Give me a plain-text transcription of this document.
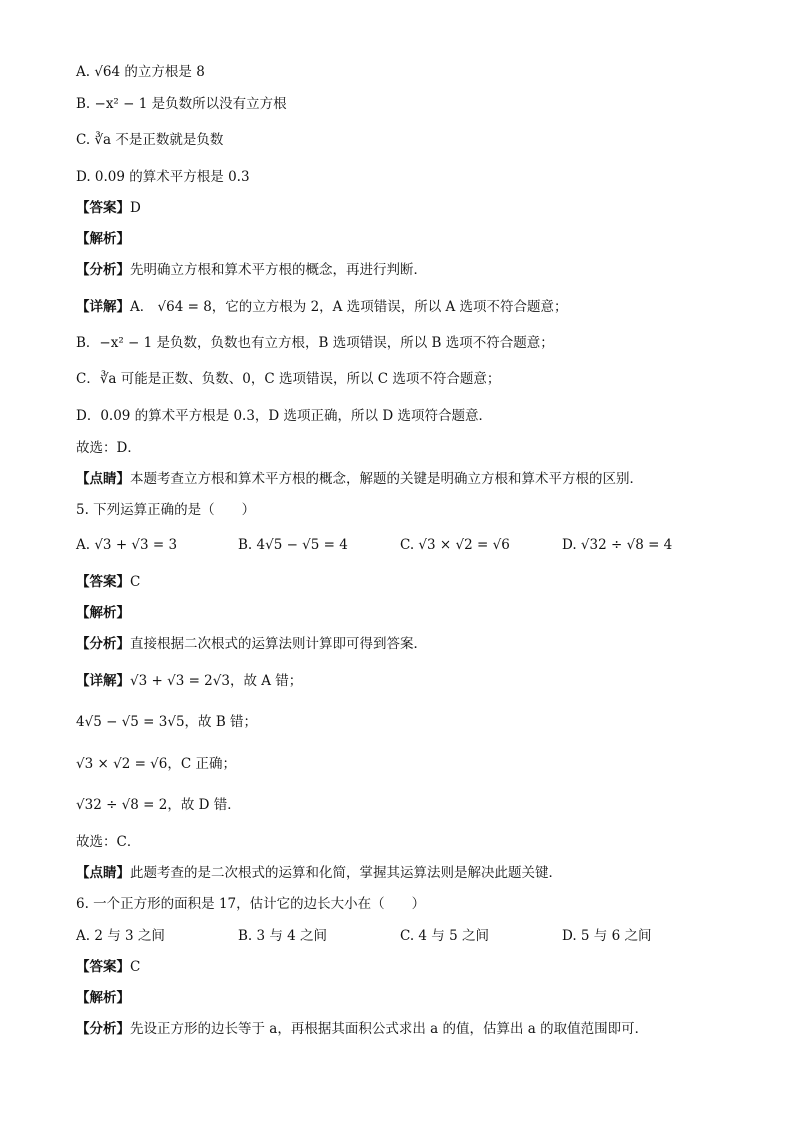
A. √64 的立方根是 8
B. −x² − 1 是负数所以没有立方根
C. ∛a 不是正数就是负数
D. 0.09 的算术平方根是 0.3
【答案】D
【解析】
【分析】先明确立方根和算术平方根的概念，再进行判断．
【详解】A． √64 = 8，它的立方根为 2，A 选项错误，所以 A 选项不符合题意；
B．−x² − 1 是负数，负数也有立方根，B 选项错误，所以 B 选项不符合题意；
C．∛a 可能是正数、负数、0，C 选项错误，所以 C 选项不符合题意；
D．0.09 的算术平方根是 0.3，D 选项正确，所以 D 选项符合题意．
故选：D．
【点睛】本题考查立方根和算术平方根的概念，解题的关键是明确立方根和算术平方根的区别．
5. 下列运算正确的是（　　）
A. √3 + √3 = 3	B. 4√5 − √5 = 4	C. √3 × √2 = √6	D. √32 ÷ √8 = 4
【答案】C
【解析】
【分析】直接根据二次根式的运算法则计算即可得到答案．
【详解】√3 + √3 = 2√3，故 A 错；
4√5 − √5 = 3√5，故 B 错；
√3 × √2 = √6，C 正确；
√32 ÷ √8 = 2，故 D 错．
故选：C．
【点睛】此题考查的是二次根式的运算和化简，掌握其运算法则是解决此题关键．
6. 一个正方形的面积是 17，估计它的边长大小在（　　）
A. 2 与 3 之间	B. 3 与 4 之间	C. 4 与 5 之间	D. 5 与 6 之间
【答案】C
【解析】
【分析】先设正方形的边长等于 a，再根据其面积公式求出 a 的值，估算出 a 的取值范围即可．
